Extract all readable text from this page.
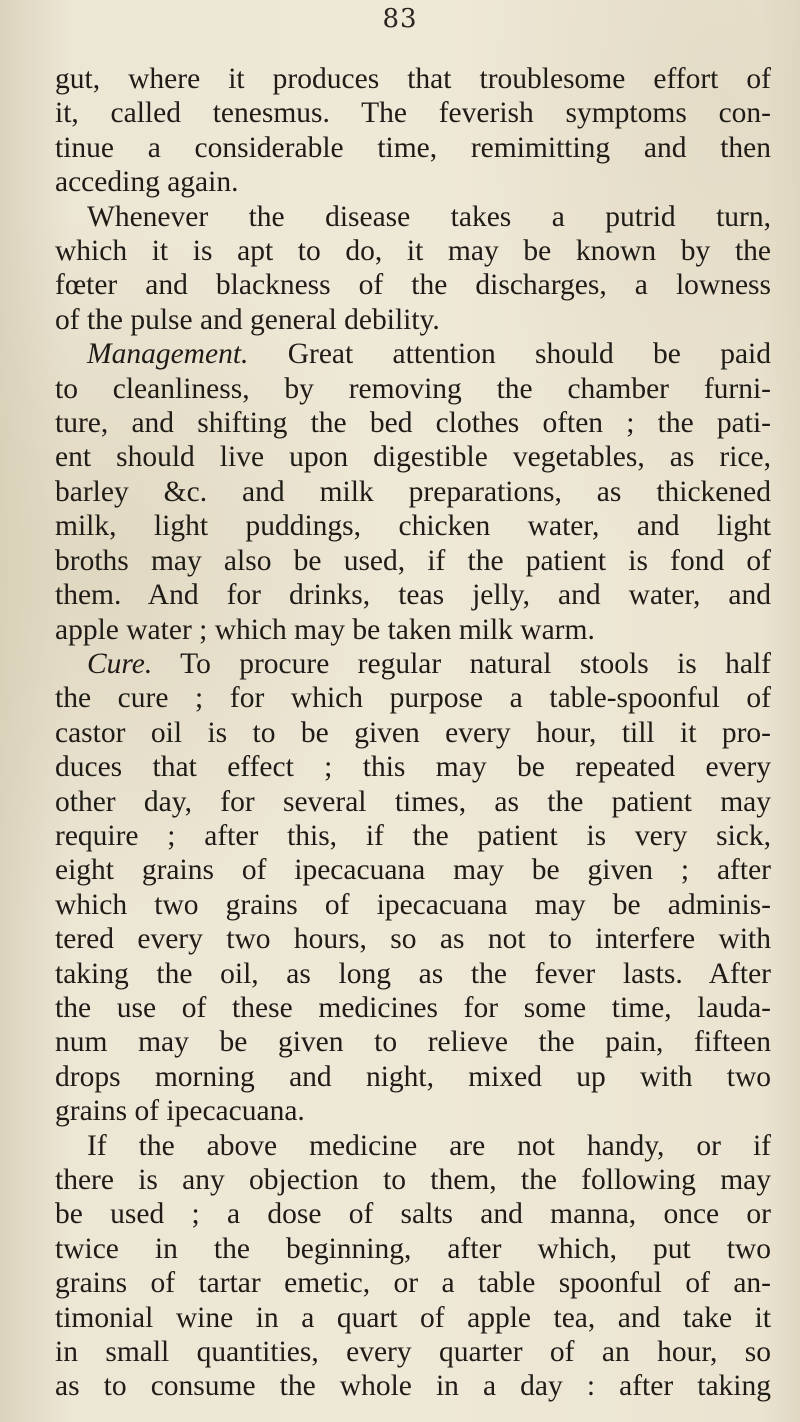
83
gut, where it produces that troublesome effort of
it, called tenesmus. The feverish symptoms con-
tinue a considerable time, remimitting and then
acceding again.
Whenever the disease takes a putrid turn,
which it is apt to do, it may be known by the
fœter and blackness of the discharges, a lowness
of the pulse and general debility.
Management. Great attention should be paid
to cleanliness, by removing the chamber furni-
ture, and shifting the bed clothes often ; the pati-
ent should live upon digestible vegetables, as rice,
barley &c. and milk preparations, as thickened
milk, light puddings, chicken water, and light
broths may also be used, if the patient is fond of
them. And for drinks, teas jelly, and water, and
apple water ; which may be taken milk warm.
Cure. To procure regular natural stools is half
the cure ; for which purpose a table-spoonful of
castor oil is to be given every hour, till it pro-
duces that effect ; this may be repeated every
other day, for several times, as the patient may
require ; after this, if the patient is very sick,
eight grains of ipecacuana may be given ; after
which two grains of ipecacuana may be adminis-
tered every two hours, so as not to interfere with
taking the oil, as long as the fever lasts. After
the use of these medicines for some time, lauda-
num may be given to relieve the pain, fifteen
drops morning and night, mixed up with two
grains of ipecacuana.
If the above medicine are not handy, or if
there is any objection to them, the following may
be used ; a dose of salts and manna, once or
twice in the beginning, after which, put two
grains of tartar emetic, or a table spoonful of an-
timonial wine in a quart of apple tea, and take it
in small quantities, every quarter of an hour, so
as to consume the whole in a day : after taking
